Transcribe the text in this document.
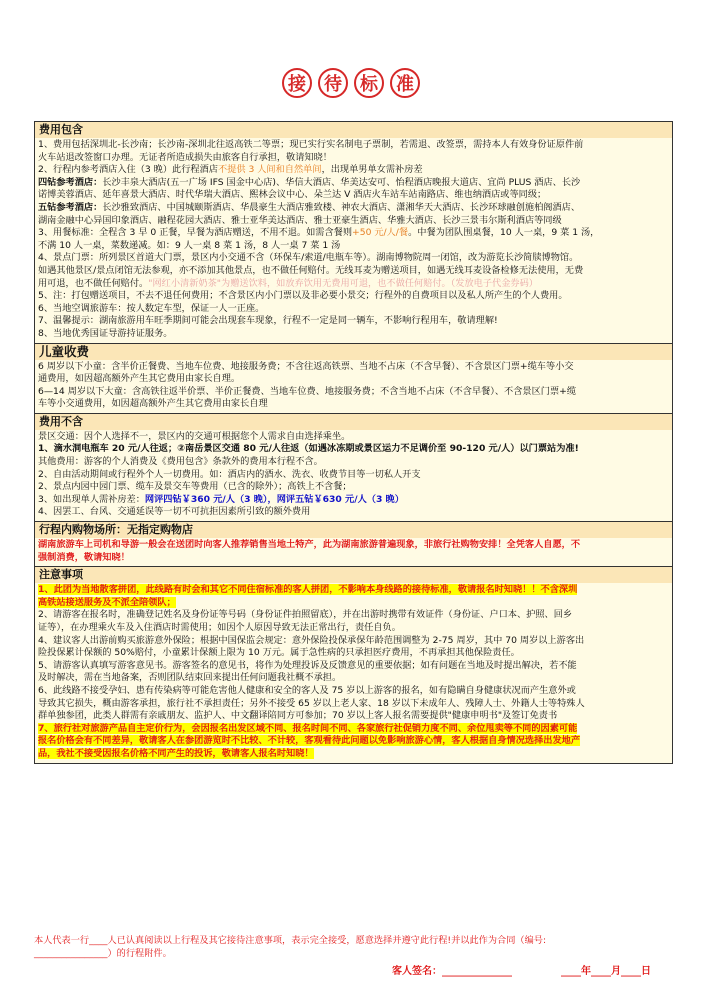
接	待	标	准
费用包含
1、费用包括深圳北-长沙南；长沙南-深圳北往返高铁二等票；现已实行实名制电子票制，若需退、改签票，需持本人有效身份证原件前
火车站退改签窗口办理。无证者所造成损失由旅客自行承担，敬请知晓！
2、行程内参考酒店入住（3 晚）此行程酒店不提供 3 人间和自然单间，出现单男单女需补房差
四钻参考酒店：长沙丰泉大酒店(五一广场 IFS 国金中心店)、华信大酒店、华美达安可、怡程酒店晚报大道店、宜尚 PLUS 酒店、长沙
诺博美蓉酒店、延年喜景大酒店、时代华瑞大酒店、熙林会议中心、朵兰达 V 酒店火车站车站南路店、维也纳酒店或等同级；
五钻参考酒店：长沙雅致酒店、中国城颐斯酒店、华晨豪生大酒店雅致楼、神农大酒店、潇湘华天大酒店、长沙环球融创施柏阁酒店、
湖南金融中心异国印象酒店、融程花园大酒店、雅士亚华美达酒店、雅士亚豪生酒店、华雅大酒店、长沙三景韦尔斯利酒店等同级
3、用餐标准：全程含 3 早 0 正餐，早餐为酒店赠送，不用不退。如需含餐则+50 元/人/餐。中餐为团队围桌餐，10 人一桌，9 菜 1 汤，
不满 10 人一桌，菜数递减。如：9 人一桌 8 菜 1 汤，8 人一桌 7 菜 1 汤
4、景点门票：所列景区首道大门票，景区内小交通不含（环保车/索道/电瓶车等）。湖南博物院周一闭馆，改为游览长沙简牍博物馆。
如遇其他景区/景点闭馆无法参观，亦不添加其他景点，也不做任何赔付。无线耳麦为赠送项目，如遇无线耳麦设备检修无法使用，无费
用可退，也不做任何赔付。"网红小清新奶茶"为赠送饮料，如放弃饮用无费用可退，也不做任何赔付。（发放电子代金券码）
5、注：打包赠送项目，不去不退任何费用；不含景区内小门票以及非必要小景交；行程外的自费项目以及私人所产生的个人费用。
6、当地空调旅游车：按人数定车型，保证一人一正座。
7、温馨提示：湖南旅游用车旺季期间可能会出现套车现象，行程不一定是同一辆车，不影响行程用车，敬请理解!
8、当地优秀国证导游持证服务。
儿童收费
6 周岁以下小童：含半价正餐费、当地车位费、地接服务费；不含往返高铁票、当地不占床（不含早餐）、不含景区门票+缆车等小交
通费用，如因超高额外产生其它费用由家长自理。
6—14 周岁以下大童：含高铁往返半价票、半价正餐费、当地车位费、地接服务费；不含当地不占床（不含早餐）、不含景区门票+缆
车等小交通费用，如因超高额外产生其它费用由家长自理
费用不含
景区交通：因个人选择不一，景区内的交通可根据您个人需求自由选择乘坐。
1、滴水洞电瓶车 20 元/人往返；②南岳景区交通 80 元/人往返（如遇冰冻期或景区运力不足调价至 90-120 元/人）以门票站为准!
其他费用：游客的个人消费及《费用包含》条款外的费用本行程不含。
2、自由活动期间或行程外个人一切费用。如：酒店内的酒水、洗衣、收费节目等一切私人开支
2、景点内园中园门票、缆车及景交车等费用（已含的除外）；高铁上不含餐；
3、如出现单人需补房差：网评四钻￥360 元/人（3 晚），网评五钻￥630 元/人（3 晚）
4、因罢工、台风、交通延误等一切不可抗拒因素所引致的额外费用
行程内购物场所：无指定购物店
湖南旅游车上司机和导游一般会在送团时向客人推荐销售当地土特产，此为湖南旅游普遍现象，非旅行社购物安排！全凭客人自愿，不
强制消费，敬请知晓！
注意事项
1、此团为当地散客拼团，此线路有时会和其它不同住宿标准的客人拼团，不影响本身线路的接待标准，敬请报名时知晓！！不含深圳
高铁站接送服务及不派全陪领队；
2、请游客在报名时，准确登记姓名及身份证等号码（身份证件拍照留底），并在出游时携带有效证件（身份证、户口本、护照、回乡
证等），在办理乘火车及入住酒店时需使用；如因个人原因导致无法正常出行，责任自负。
4、建议客人出游前购买旅游意外保险；根据中国保监会规定：意外保险投保承保年龄范围调整为 2-75 周岁，其中 70 周岁以上游客出
险投保累计保额的 50%赔付，小童累计保额上限为 10 万元。属于急性病的只承担医疗费用，不再承担其他保险责任。
5、请游客认真填写游客意见书。游客签名的意见书，将作为处理投诉及反馈意见的重要依据；如有问题在当地及时提出解决，若不能
及时解决，需在当地备案，否则团队结束回来提出任何问题我社概不承担。
6、此线路不接受孕妇、患有传染病等可能危害他人健康和安全的客人及 75 岁以上游客的报名，如有隐瞒自身健康状况而产生意外或
导致其它损失，概由游客承担，旅行社不承担责任；另外不接受 65 岁以上老人家、18 岁以下未成年人、残障人士、外籍人士等特殊人
群单独参团，此类人群需有亲戚朋友、监护人、中文翻译陪同方可参加；70 岁以上客人报名需要提供"健康申明书"及签订免责书
7、旅行社对旅游产品自主定价行为，会因报名出发区域不同、报名时间不同、各家旅行社促销力度不同、余位甩卖等不同的因素可能
报名价格会有不同差异，敬请客人在参团游览时不比较、不计较，客观看待此问题以免影响旅游心情，客人根据自身情况选择出发地产
品，我社不接受因报名价格不同产生的投诉，敬请客人报名时知晓！
本人代表一行____人已认真阅读以上行程及其它接待注意事项，表示完全接受，愿意选择并遵守此行程!并以此作为合同（编号:
________________）的行程附件。
客人签名：______________	____年____月____日
